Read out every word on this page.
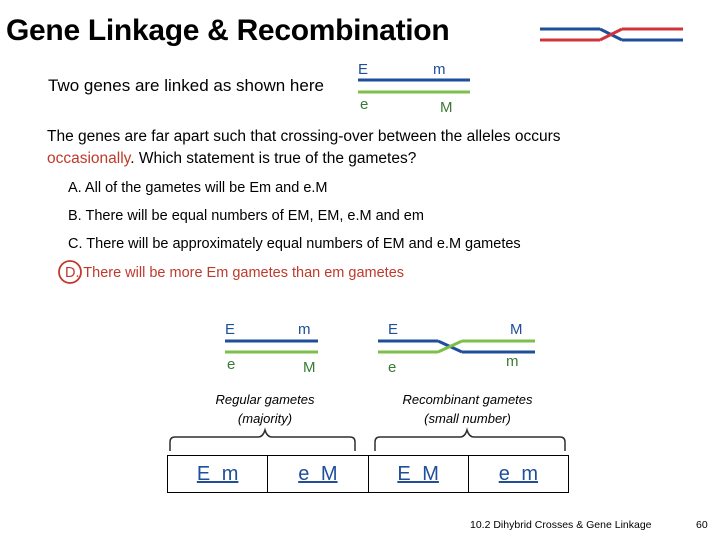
Gene Linkage & Recombination
Two genes are linked as shown here
E	m
e	M
The genes are far apart such that crossing-over between the alleles occurs occasionally. Which statement is true of the gametes?
A. All of the gametes will be Em and e.M
B. There will be equal numbers of EM, EM, e.M and em
C. There will be approximately equal numbers of EM and e.M gametes
D. There will be more Em gametes than em gametes
E	m
e	M
Regular gametes
(majority)
E	M
e	m
Recombinant gametes
(small number)
E m	e M	E M	e m
10.2 Dihybrid Crosses & Gene Linkage	60
